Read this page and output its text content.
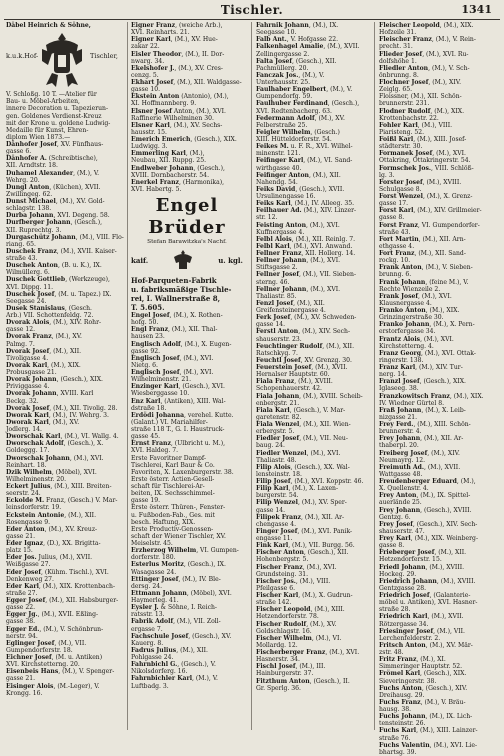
Tischler.	1341
Däbel Heinrich & Söhne,
k.u.k.Hof-	Tischler,
V. Schloßg. 10 T. —Atelier für
Bau- u. Möbel-Arbeiten,
innere Decoration u. Tapezierun-
gen. Goldenes Verdienst-Kreuz
mit der Krone u. goldene Ludwig-
Medaille für Kunst, Ehren-
diplom Wien 1873.—
Dänhofer Josef, XV. Fünfhaus-
gasse 6.
Dänhofer A. (Schreibtische),
XII. Arndtstr. 18.
Duhamel Alexander, (M.), V.
Wehrg. 20.
Dungl Anton, (Küchen), XVII.
Zwillingeg. 62.
Dunst Michael, (M.), XV. Gold-
schlagstr. 138.
Durba Johann, XVI. Degeng. 58.
Durfberger Johann, (Gesch.),
XII. Ruprechtg. 3.
Durgaschütz Johann, (M.), VIII. Flo-
riang. 65.
Duschek Franz, (M.), XVII. Kaiser-
straße 43.
Duschek Anton, (B. u. K.), IX.
Wilmüllerg. 6.
Duschek Gottlieb, (Werkzeuge),
XVI. Dippg. 11.
Duschek Josef, (M. u. Tapez.) IX.
Seegasse 24.
Dusek Stanislaus, (Gesch.
Arb.) VII. Schottenfeldg. 72.
Dvorak Alois, (M.), XIV. Rohr-
gasse 12.
Dvorak Franz, (M.), XV.
Palmg. 7.
Dvorak Josef, (M.), XII.
Tivoligasse 4.
Dvorak Karl, (M.), XIX.
Probusgasse 21.
Dvorak Johann, (Gesch.), XIX.
Priviggasse 4.
Dvorak Johann, XVIII. Karl
Beckg. 32.
Dvorak Josef, (M.), XII. Tivolig. 28.
Dworak Karl, (M.), IV. Wehrg. 3.
Dworak Karl, (M.), XV.
Jodlerg. 14.
Dworschak Karl, (M.), VI. Wallg. 4.
Dworschak Adolf, (Gesch.), X.
Goldeggg. 17.
Dworschak Johann, (M.), XVI.
Reinhart. 18.
Dzik Wilhelm, (Möbel), XVI.
Wilhelminenstr. 20.
Eckert Julius, (M.), XIII. Breiten-
seerstr. 24.
Eckolde M. Franz, (Gesch.) V. Mar-
leinsdorferstr. 19.
Eckstein Antonie, (M.), XII.
Rosengasse 9.
Eder Anton, (M.), XV. Kreuz-
gasse 21.
Eder Ignaz, (D.), XX. Brigitta-
platz 15.
Eder Jos. Julius, (M.), XVII.
Weißgasse 27.
Eder Josef, (Kühm. Tischl.), XVI.
Denkenweg 27.
Eder Karl, (M.), XIX. Krottenbach-
straße 27.
Egger Josef, (M.), XII. Habsburger-
gasse 22.
Egger Jg., (M.), XVII. Eßling-
gasse 38.
Egger Ed., (M.), V. Schönbrun-
nerstr. 94.
Eglinger Josef, (M.), VII.
Gumpendorferstr. 18.
Eichner Josef, (M. u. Antiken)
XVI. Kirchstetterng. 20.
Eisenbeis Hans, (M.), V. Spenger-
gasse 21.
Eisinger Alois, (M.-Leger), V.
Krongg. 16.
Eigner Franz, (weiche Arb.),
XVI. Reinharts. 21.
Eigner Karl, (M.), XV. Hue-
zakar 22.
Eisler Theodor, (M.), II. Dor-
nwarg. 34.
Ekelshofer J., (M.), XV. Cres-
cenzg. 5.
Ekhart Josef, (M.), XII. Waldgasse-
gasse 10.
Ekstein Anton (Antonio), (M.),
XI. Hoffmannberg. 9.
Elsner Josef Anton, (M.), XVI.
Raffinerie Wilhelminen 30.
Elsner Karl, (M.), XV. Sechs-
hausstr. 15.
Emerich Emerich, (Gesch.), XIX.
Ludwigg. 3.
Emmerling Karl, (M.),
Neubau, XII. Ruppg. 25.
Endlweber Johann, (Gesch.),
XVIII. Dornbacherstr. 54.
Enerkel Franz, (Harmonika),
XVI. Habertg. 5.
Engel Brüder
Stefan Barawitzka's Nachf.
kaif.	u. kgl.
Hof-Parqueten-Fabrik
u. fabriksmäßige Tischle-
rei, I. Wallnerstraße 8,
T. 5.605.
Engel Josef, (M.), X. Rothen-
hofg. 50.
Engl Franz, (M.), XII. Thal-
hausen 23.
Englisch Adolf, (M.), X. Eugen-
gasse 92.
Englisch Josef, (M.), XVI.
Nietg. 6.
Englisch Josef, (M.), XVI.
Wilhelminenstr. 21.
Enzinger Karl, (Gesch.), XVI.
Wiesberggasse 10.
Enz Karl, (Antiken), XIII. Wal-
dstraße 18.
Erdödi Johanna, verehel. Kutte.
(Galant.) VI. Mariahilfer-
straße 118 T., G. I. Haustruck-
gasse 45.
Ernst Franz, (Ulbricht u. M.),
XVI. Haldeg. 7.
Erste Favoritner Dampf-
Tischlerei, Karl Baur & Co.
Favoriten, X. Laxenburgerstr. 38.
Erste österr. Actien-Gesell-
schaft für Tischlerei-Ar-
beiten, IX. Sechsschimmel-
gasse 19.
Erste österr. Thüren-, Fenster-
u. Fußboden-Fab., Ges. mit
besch. Haftung, XIX.
Erste Productiv-Genossen-
schaft der Wiener Tischler, XV.
Meiselstr. 45.
Erzherzog Wilhelm, VI. Gumpen-
dorferstr. 180.
Esterlus Moritz, (Gesch.), IX.
Wasagasse 24.
Ettinger Josef, (M.), IV. Ble-
dersg. 24.
Ettmann Johann, (Möbel), XVI.
Haymerleg. 41.
Eysler J. & Söhne, I. Reich-
ratsstr. 13.
Fabrik Adolf, (M.), VII. Zoll-
ergasse 7.
Fachschule Josef, (Gesch.), XV.
Kauerg. 8.
Fadrus Julius, (M.), XII.
Pohlgasse 24.
Fahrnbichl G., (Gesch.), V.
Nikolsdorferg. 16.
Fahrnbichler Karl, (M.), V.
Luftbadg. 3.
Fahrnik Johann, (M.), IX.
Seegasse 10.
Falb Ant., V. Hofgasse 22.
Falkenhagel Amalie, (M.), XVII.
Zellingergasse 2.
Falta Josef, (Gesch.), XII.
Pachmüllerg. 20.
Fanczak Jos., (M.), V.
Unterhausstr. 25.
Faulhaber Engelbert, (M.), V.
Gumpendorfg. 59.
Faulhuber Ferdinand, (Gesch.),
XVI. Redtenbacherg. 63.
Federmann Adolf, (M.), XV.
Felberstraße 25.
Feigler Wilhelm, (Gesch.)
XIII. Hütteldorferstr. 54.
Feikes M. u. F. R., XVI. Wilhel-
minenstr. 121.
Feifinger Karl, (M.), VI. Sand-
wirthgasse 40.
Feifinger Anton, (M.), XII.
Nahendg. 54.
Feiks David, (Gesch.), XVII.
Ursulinengasse 16.
Feiks Karl, (M.), IV. Alleeg. 35.
Feilhauer Ad. (M.), XIV. Linzer-
str. 12.
Feisting Anton, (M.), XVI.
Kuffnergasse 4.
Felbl Alois, (M.), XII. Reinlg. 7.
Felbl Karl, (M.), XVI. Anwand.
Fellner Franz, XII. Hollerg. 14.
Fellner Johann, (M.), XVI.
Stiftsgasse 2.
Fellner Josef, (M.), VII. Sieben-
sterng. 46.
Fellner Johann, (M.), XVI.
Thaliastr. 85.
Fenzl Josef, (M.), XII.
Greifensteinergasse 4.
Ferk Josef, (M.), XV. Schweden-
gasse 14.
Ferstl Anton, (M.), XIV. Sech-
shauserstr. 23.
Feuchtinger Rudolf, (M.), XII.
Ratschkyg. 7.
Feuchtl Josef, XV. Grenzg. 30.
Feuerstein Josef, (M.), XVII.
Hernalser Hauptstr. 60.
Fiala Franz, (M.), XVIII.
Schopenhauerstr. 42.
Fiala Johann, (M.), XVIII. Scheib-
enbergstr. 21.
Fiala Karl, (Gesch.), V. Mar-
garetenstr. 82.
Fiala Wenzel, (M.), XII. Wien-
erbergstr. 5.
Fiedler Josef, (M.), VII. Neu-
baug. 24.
Fiedler Wenzel, (M.), XVI.
Thaliastr. 48.
Filip Alois, (Gesch.), XX. Wal-
lensteinstr. 18.
Filip Josef, (M.), XVI. Koppstr. 46.
Filip Karl, (M.), X. Laxen-
burgerstr. 54.
Filip Wenzel, (M.), XV. Sper-
gasse 14.
Filipek Franz, (M.), XII. Ar-
chengasse 4.
Finger Josef, (M.), XVI. Panik-
engasse 11.
Fink Karl, (M.), VII. Burgg. 56.
Fischer Anton, (Gesch.), XII.
Hohenbergstr. 5.
Fischer Franz, (M.), XVI.
Grundsteing. 31.
Fischer Jos., (M.), VIII.
Pfeilgasse 6.
Fischer Karl, (M.), X. Gudrun-
straße 142.
Fischer Leopold, (M.), XIII.
Hetzendorferstr. 78.
Fischer Rudolf, (M.), XV.
Goldschlagstr. 16.
Fischer Wilhelm, (M.), VI.
Mollardg. 12.
Fischerberger Franz, (M.), XVI.
Hasnerstr. 34.
Fischl Josef, (M.), III.
Hainburgerstr. 37.
Fitzthum Anton, (Gesch.), II.
Gr. Sperlg. 36.
Fleischer Leopold, (M.), XIX.
Hofzeile 31.
Fleischer Franz, (M.), V. Rein-
precht. 31.
Flieder Josef, (M.), XVI. Ru-
dolfshöhe 1.
Fliedler Anton, (M.), V. Sch-
önbrunng. 8.
Flochner Josef, (M.), XIV.
Zeiglg. 65.
Floissner, (M.), XII. Schön-
brunnerstr. 231.
Flodner Rudolf, (M.), XIX.
Krottenbachstr. 22.
Fohler Karl, (M.), VIII.
Piaristeng. 52.
Foißl Karl, (M.), XIII. Josef-
städterstr. 30.
Formanek Josef, (M.), XVI.
Ottakring, Ottakringerstr. 54.
Formschek Jos., VIII. Schlöß-
lg. 3.
Forster Josef, (M.), XVIII.
Schulgasse 8.
Forst Wenzel, (M.), X. Grenz-
gasse 17.
Forst Karl, (M.), XIV. Grillmeier-
gasse 8.
Forst Franz, VI. Gumpendorfer-
straße 43.
Fort Martin, (M.), XII. Arn-
ethgasse 4.
Fort Franz, (M.), XII. Sand-
rockg. 10.
Frank Anton, (M.), V. Sieben-
brunng. 6.
Frank Johann, (feine M.), V.
Rechte Wienzeile 2.
Frank Josef, (M.), XVI.
Klausnergasse 4.
Franko Anton, (M.), XIX.
Grinzingerstraße 30.
Franko Johann, (M.), X. Pern-
erstorfergasse 34.
Frantz Alois, (M.), XVI.
Kirchstetterng. 4.
Franz Georg, (M.), XVI. Ottak-
ringerstr. 138.
Franz Karl, (M.), XIV. Tur-
nerg. 14.
Franzl Josef, (Gesch.), XIX.
Iglaseeg. 38.
Franzkowitsch Franz, (M.), XIX.
IV. Wiedner Gürtel 8.
Fraß Johann, (M.), X. Leib-
nizgasse 21.
Frey Ferd., (M.), XIII. Schön-
brunnerstr. 4.
Frey Johann, (M.), XII. Ar-
thaberpl. 20.
Freiberg Josef, (M.), XIV.
Neumayrg. 12.
Freimuth Ad., (M.), XVII.
Wattgasse 48.
Freudenberger Eduard, (M.),
X. Quellenstr. 4.
Frey Anton, (M.), IX. Spittel-
auerlände 25.
Frey Johann, (Gesch.), XVIII.
Gentzg. 6.
Frey Josef, (Gesch.), XIV. Sech-
shauserstr. 47.
Frey Karl, (M.), XIX. Weinberg-
gasse 8.
Frieberger Josef, (M.), XII.
Hetzendorferstr. 15.
Friedl Johann, (M.), XVIII.
Hockeg. 29.
Friedrich Johann, (M.), XVIII.
Gentzgasse 28.
Friedrich Josef, (Galanterie-
möbel u. Antiken), XVI. Hasner-
straße 28.
Friedrich Karl, (M.), XVII.
Rötzergasse 34.
Friesinger Josef, (M.), VII.
Lerchenfelderstr. 2.
Fritsch Anton, (M.), XV. Mär-
zstr. 48.
Fritz Franz, (M.), XI.
Simmeringer Hauptstr. 52.
Frömel Karl, (Gesch.), XIX.
Sieveringerstr. 38.
Fuchs Anton, (Gesch.), XIV.
Dreihausg. 29.
Fuchs Franz, (M.), V. Bräu-
hausg. 38.
Fuchs Johann, (M.), IX. Lich-
tensteinstr. 26.
Fuchs Karl, (M.), XIII. Lainzer-
straße 76.
Fuchs Valentin, (M.), XVI. Lie-
bhartsg. 39.
